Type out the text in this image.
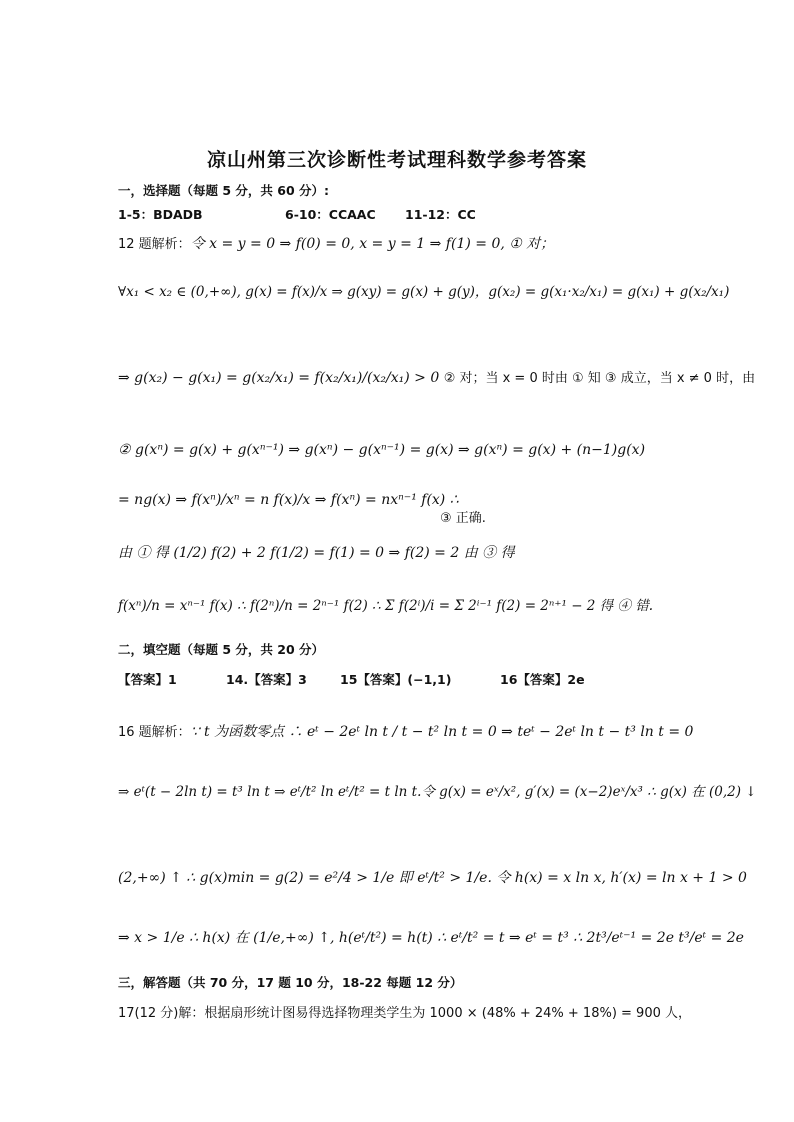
凉山州第三次诊断性考试理科数学参考答案
一，选择题（每题 5 分，共 60 分）:
1-5：BDADB	6-10：CCAAC 11-12：CC
12 题解析：令 x = y = 0 ⇒ f(0) = 0, x = y = 1 ⇒ f(1) = 0, ① 对；
∀x₁ < x₂ ∈ (0,+∞), g(x) = f(x)/x ⇒ g(xy) = g(x) + g(y)，g(x₂) = g(x₁·x₂/x₁) = g(x₁) + g(x₂/x₁)
⇒ g(x₂) − g(x₁) = g(x₂/x₁) = f(x₂/x₁)/(x₂/x₁) > 0 ② 对；当 x = 0 时由 ① 知 ③ 成立，当 x ≠ 0 时，由
② g(xⁿ) = g(x) + g(xⁿ⁻¹) ⇒ g(xⁿ) − g(xⁿ⁻¹) = g(x) ⇒ g(xⁿ) = g(x) + (n−1)g(x)
= ng(x) ⇒ f(xⁿ)/xⁿ = n f(x)/x ⇒ f(xⁿ) = nxⁿ⁻¹ f(x) ∴
③ 正确.
由 ① 得 (1/2) f(2) + 2 f(1/2) = f(1) = 0 ⇒ f(2) = 2 由 ③ 得
f(xⁿ)/n = xⁿ⁻¹ f(x) ∴ f(2ⁿ)/n = 2ⁿ⁻¹ f(2) ∴ Σ f(2ⁱ)/i = Σ 2ⁱ⁻¹ f(2) = 2ⁿ⁺¹ − 2 得 ④ 错.
二，填空题（每题 5 分，共 20 分）
【答案】1	14.【答案】3	15【答案】(−1,1)	16【答案】2e
16 题解析：∵ t 为函数零点 ∴ eᵗ − 2eᵗ ln t / t − t² ln t = 0 ⇒ teᵗ − 2eᵗ ln t − t³ ln t = 0
⇒ eᵗ(t − 2ln t) = t³ ln t ⇒ eᵗ/t² ln eᵗ/t² = t ln t.令 g(x) = eˣ/x², g′(x) = (x−2)eˣ/x³ ∴ g(x) 在 (0,2) ↓
(2,+∞) ↑ ∴ g(x)min = g(2) = e²/4 > 1/e 即 eᵗ/t² > 1/e. 令 h(x) = x ln x, h′(x) = ln x + 1 > 0
⇒ x > 1/e ∴ h(x) 在 (1/e,+∞) ↑, h(eᵗ/t²) = h(t) ∴ eᵗ/t² = t ⇒ eᵗ = t³ ∴ 2t³/eᵗ⁻¹ = 2e t³/eᵗ = 2e
三，解答题（共 70 分，17 题 10 分，18-22 每题 12 分）
17(12 分)解：根据扇形统计图易得选择物理类学生为 1000 × (48% + 24% + 18%) = 900 人，
